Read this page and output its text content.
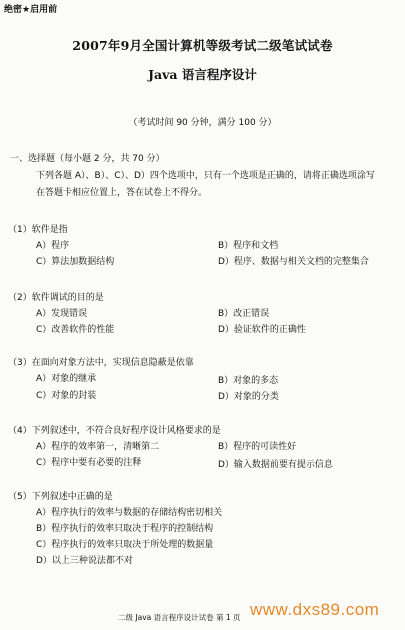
绝密★启用前
2007年9月全国计算机等级考试二级笔试试卷
Java 语言程序设计
（考试时间 90 分钟，满分 100 分）
一、选择题（每小题 2 分，共 70 分）
下列各题 A）、B）、C）、D）四个选项中，只有一个选项是正确的，请将正确选项涂写
在答题卡相应位置上，答在试卷上不得分。
（1）软件是指
A）程序	B）程序和文档
C）算法加数据结构	D）程序、数据与相关文档的完整集合
（2）软件调试的目的是
A）发现错误	B）改正错误
C）改善软件的性能	D）验证软件的正确性
（3）在面向对象方法中，实现信息隐蔽是依靠
A）对象的继承	B）对象的多态
C）对象的封装	D）对象的分类
（4）下列叙述中，不符合良好程序设计风格要求的是
A）程序的效率第一，清晰第二	B）程序的可读性好
C）程序中要有必要的注释	D）输入数据前要有提示信息
（5）下列叙述中正确的是
A）程序执行的效率与数据的存储结构密切相关
B）程序执行的效率只取决于程序的控制结构
C）程序执行的效率只取决于所处理的数据量
D）以上三种说法都不对
二级 Java 语言程序设计试卷 第 1 页 www.dxs89.com
